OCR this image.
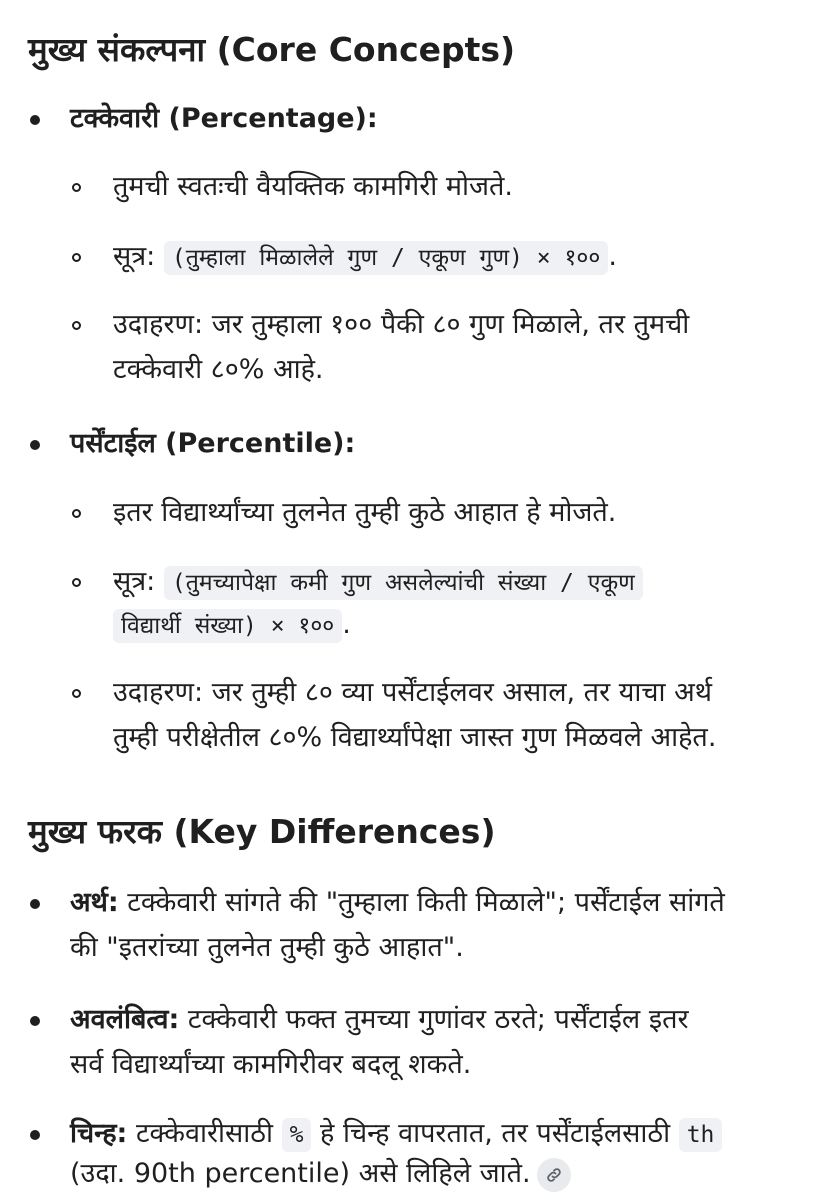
मुख्य संकल्पना (Core Concepts)

टक्केवारी (Percentage):

तुमची स्वतःची वैयक्तिक कामगिरी मोजते.

सूत्र: (तुम्हाला मिळालेले गुण / एकूण गुण) × १०० .

उदाहरण: जर तुम्हाला १०० पैकी ८० गुण मिळाले, तर तुमची

टक्केवारी ८०% आहे.

पर्सेंटाईल (Percentile):

इतर विद्यार्थ्यांच्या तुलनेत तुम्ही कुठे आहात हे मोजते.

सूत्र: (तुमच्यापेक्षा कमी गुण असलेल्यांची संख्या / एकूण

विद्यार्थी संख्या) × १०० .

उदाहरण: जर तुम्ही ८० व्या पर्सेंटाईलवर असाल, तर याचा अर्थ

तुम्ही परीक्षेतील ८०% विद्यार्थ्यांपेक्षा जास्त गुण मिळवले आहेत.

मुख्य फरक (Key Differences)

अर्थ: टक्केवारी सांगते की "तुम्हाला किती मिळाले"; पर्सेंटाईल सांगते

की "इतरांच्या तुलनेत तुम्ही कुठे आहात".

अवलंबित्व: टक्केवारी फक्त तुमच्या गुणांवर ठरते; पर्सेंटाईल इतर

सर्व विद्यार्थ्यांच्या कामगिरीवर बदलू शकते.

चिन्ह: टक्केवारीसाठी % हे चिन्ह वापरतात, तर पर्सेंटाईलसाठी th

(उदा. 90th percentile) असे लिहिले जाते.
